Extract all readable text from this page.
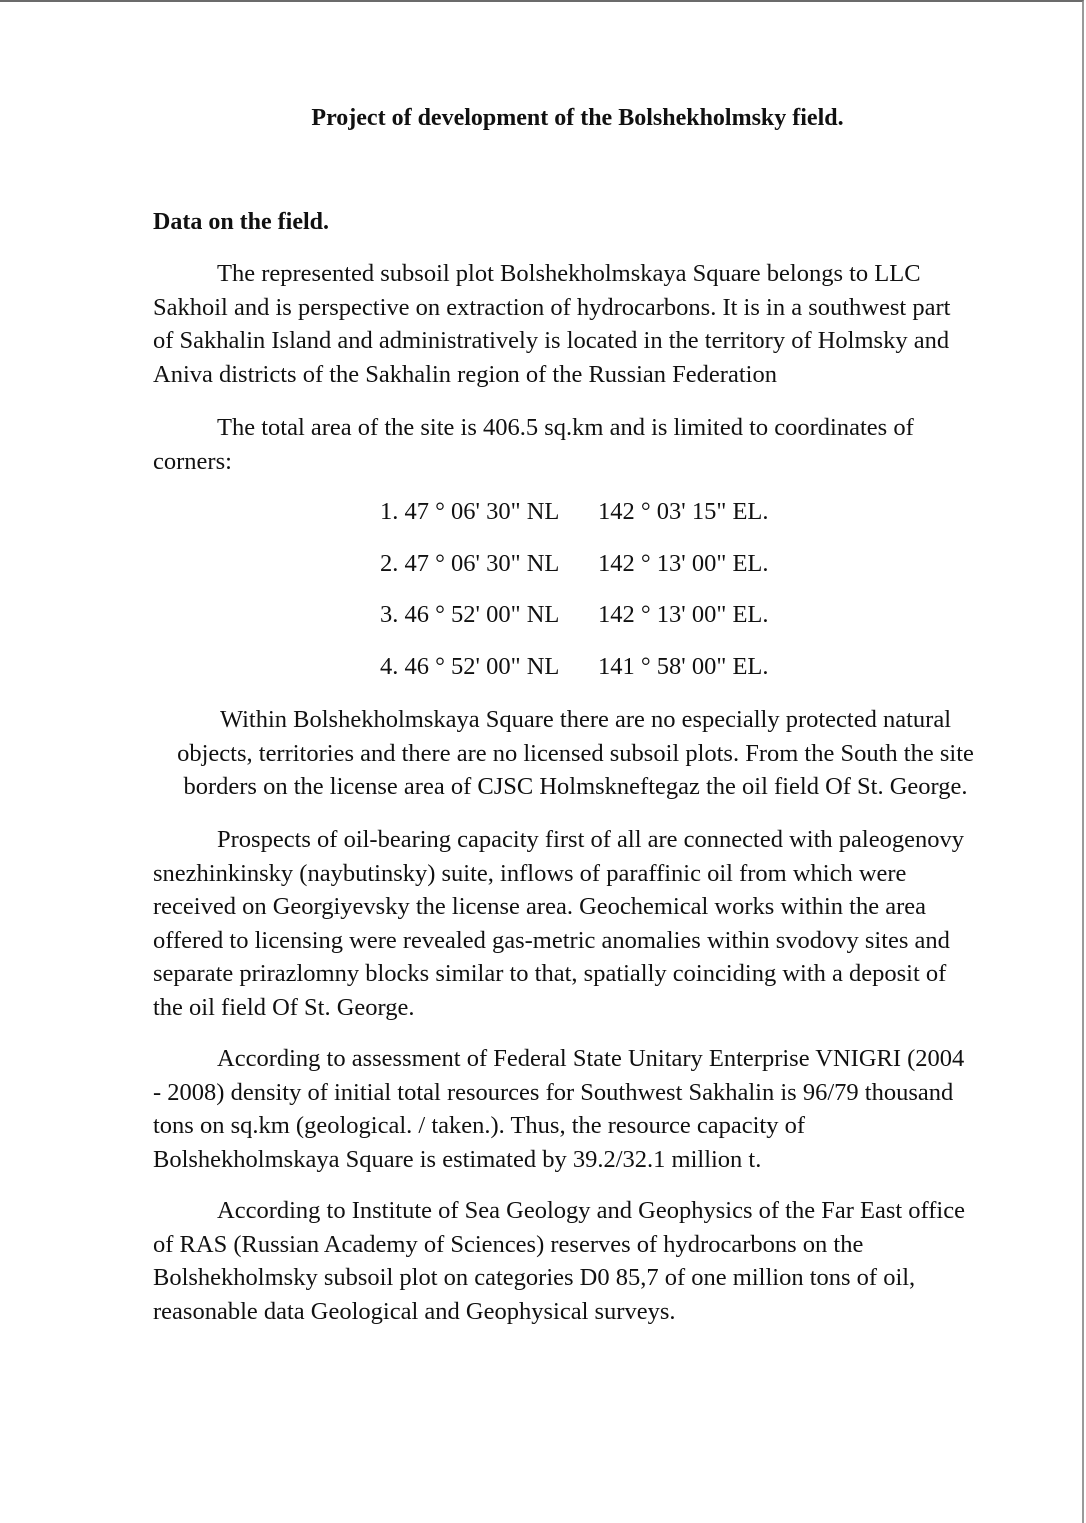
Project of development of the Bolshekholmsky field.
Data on the field.

The represented subsoil plot Bolshekholmskaya Square belongs to LLC
Sakhoil and is perspective on extraction of hydrocarbons. It is in a southwest part
of Sakhalin Island and administratively is located in the territory of Holmsky and
Aniva districts of the Sakhalin region of the Russian Federation

The total area of the site is 406.5 sq.km and is limited to coordinates of
corners:

1. 47 ° 06' 30" NL 142 ° 03' 15" EL.
2. 47 ° 06' 30" NL 142 ° 13' 00" EL.
3. 46 ° 52' 00" NL 142 ° 13' 00" EL.
4. 46 ° 52' 00" NL 141 ° 58' 00" EL.

Within Bolshekholmskaya Square there are no especially protected natural
objects, territories and there are no licensed subsoil plots. From the South the site
borders on the license area of CJSC Holmskneftegaz the oil field Of St. George.

Prospects of oil-bearing capacity first of all are connected with paleogenovy
snezhinkinsky (naybutinsky) suite, inflows of paraffinic oil from which were
received on Georgiyevsky the license area. Geochemical works within the area
offered to licensing were revealed gas-metric anomalies within svodovy sites and
separate prirazlomny blocks similar to that, spatially coinciding with a deposit of
the oil field Of St. George.

According to assessment of Federal State Unitary Enterprise VNIGRI (2004
- 2008) density of initial total resources for Southwest Sakhalin is 96/79 thousand
tons on sq.km (geological. / taken.). Thus, the resource capacity of
Bolshekholmskaya Square is estimated by 39.2/32.1 million t.

According to Institute of Sea Geology and Geophysics of the Far East office
of RAS (Russian Academy of Sciences) reserves of hydrocarbons on the
Bolshekholmsky subsoil plot on categories D0 85,7 of one million tons of oil,
reasonable data Geological and Geophysical surveys.
